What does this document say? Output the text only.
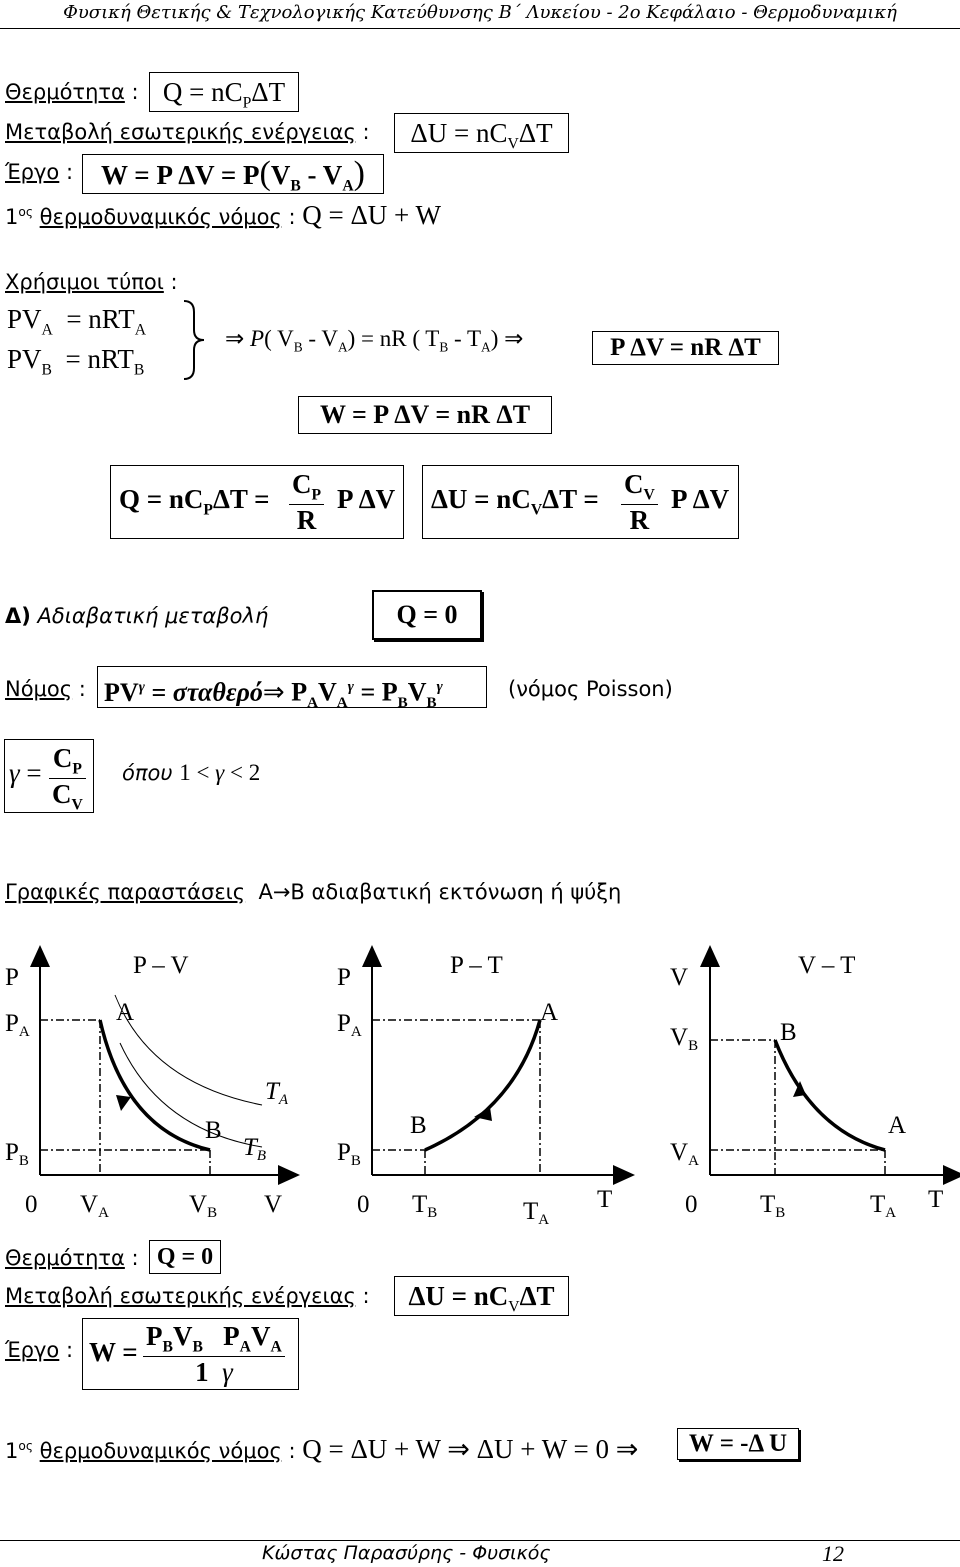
Φυσική Θετικής & Τεχνολογικής Κατεύθυνσης Β΄ Λυκείου - 2ο Κεφάλαιο - Θερμοδυναμική
Θερμότητα : $Q = nC_P\Delta T$
Μεταβολή εσωτερικής ενέργειας :	$\Delta U = nC_V\Delta T$
Έργο :	W = P $\Delta V = P(V_B - V_A)$
$1^{o\varsigma}$ θερμοδυναμικός νόμος : Q = ΔU + W
Χρήσιμοι τύποι :
$PV_A = nRT_A$
$PV_B = nRT_B$
⇒ P( $V_B - V_A$) = nR ( $T_B - T_A$) ⇒	P ΔV = nR ΔT
W = P ΔV = nR ΔT
$Q = nC_P\Delta T = \frac{C_P}{R}$ P ΔV $\Delta U = nC_V\Delta T = \frac{C_V}{R}$ P ΔV
Δ) Αδιαβατική μεταβολή	Q = 0
Νόμος : $PV^\gamma$ = σταθερό⇒ $P_AV_A^\gamma = P_BV_B^\gamma$	(νόμος Poisson)
$\gamma = \frac{C_P}{C_V}$ όπου 1 < γ < 2
Γραφικές παραστάσεις Α→Β αδιαβατική εκτόνωση ή ψύξη
P	P – V
$P_A$
$P_B$
A
B
$T_A$
$T_B$
0 $V_A$	$V_B$ V
P	P – T
$P_A$
$P_B$
A
B
0 $T_B$	$T_A$
T
V	V – T
$V_B$
$V_A$
B
A
0	$T_B$	$T_A$ T
Θερμότητα : Q = 0
Μεταβολή εσωτερικής ενέργειας :	$\Delta U = nC_V\Delta T$
Έργο : W =
$P_BV_B$   $P_AV_A$
1  γ
$1^{o\varsigma}$ θερμοδυναμικός νόμος : Q = ΔU + W ⇒ ΔU + W = 0 ⇒	W = -Δ U
Κώστας Παρασύρης - Φυσικός	12
